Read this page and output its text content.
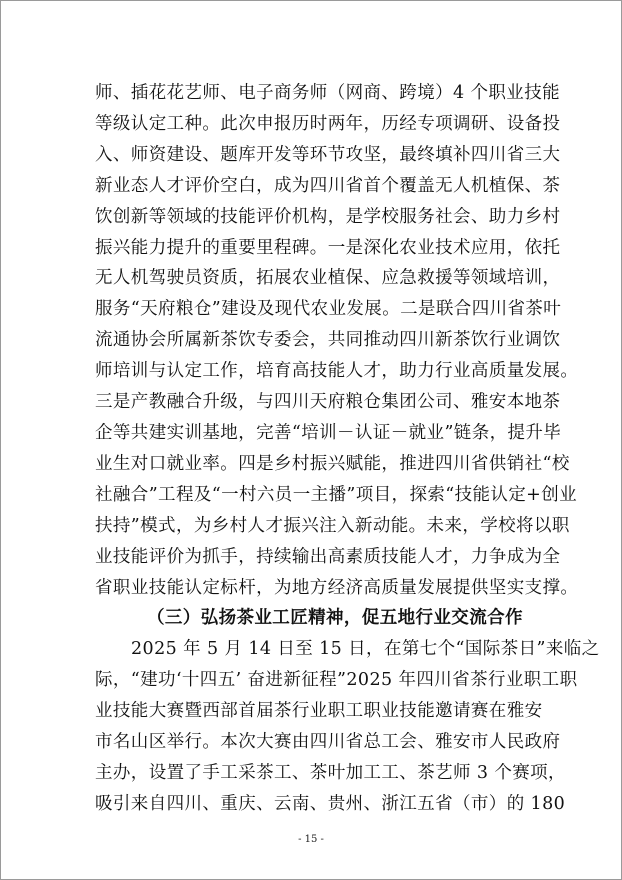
师、插花花艺师、电子商务师（网商、跨境）4 个职业技能
等级认定工种。此次申报历时两年，历经专项调研、设备投
入、师资建设、题库开发等环节攻坚，最终填补四川省三大
新业态人才评价空白，成为四川省首个覆盖无人机植保、茶
饮创新等领域的技能评价机构，是学校服务社会、助力乡村
振兴能力提升的重要里程碑。一是深化农业技术应用，依托
无人机驾驶员资质，拓展农业植保、应急救援等领域培训，
服务“天府粮仓”建设及现代农业发展。二是联合四川省茶叶
流通协会所属新茶饮专委会，共同推动四川新茶饮行业调饮
师培训与认定工作，培育高技能人才，助力行业高质量发展。
三是产教融合升级，与四川天府粮仓集团公司、雅安本地茶
企等共建实训基地，完善“培训－认证－就业”链条，提升毕
业生对口就业率。四是乡村振兴赋能，推进四川省供销社“校
社融合”工程及“一村六员一主播”项目，探索“技能认定+创业
扶持”模式，为乡村人才振兴注入新动能。未来，学校将以职
业技能评价为抓手，持续输出高素质技能人才，力争成为全
省职业技能认定标杆，为地方经济高质量发展提供坚实支撑。

（三）弘扬茶业工匠精神，促五地行业交流合作

2025 年 5 月 14 日至 15 日，在第七个“国际茶日”来临之
际，“建功‘十四五’ 奋进新征程”2025 年四川省茶行业职工职
业技能大赛暨西部首届茶行业职工职业技能邀请赛在雅安
市名山区举行。本次大赛由四川省总工会、雅安市人民政府
主办，设置了手工采茶工、茶叶加工工、茶艺师 3 个赛项，
吸引来自四川、重庆、云南、贵州、浙江五省（市）的 180

- 15 -
